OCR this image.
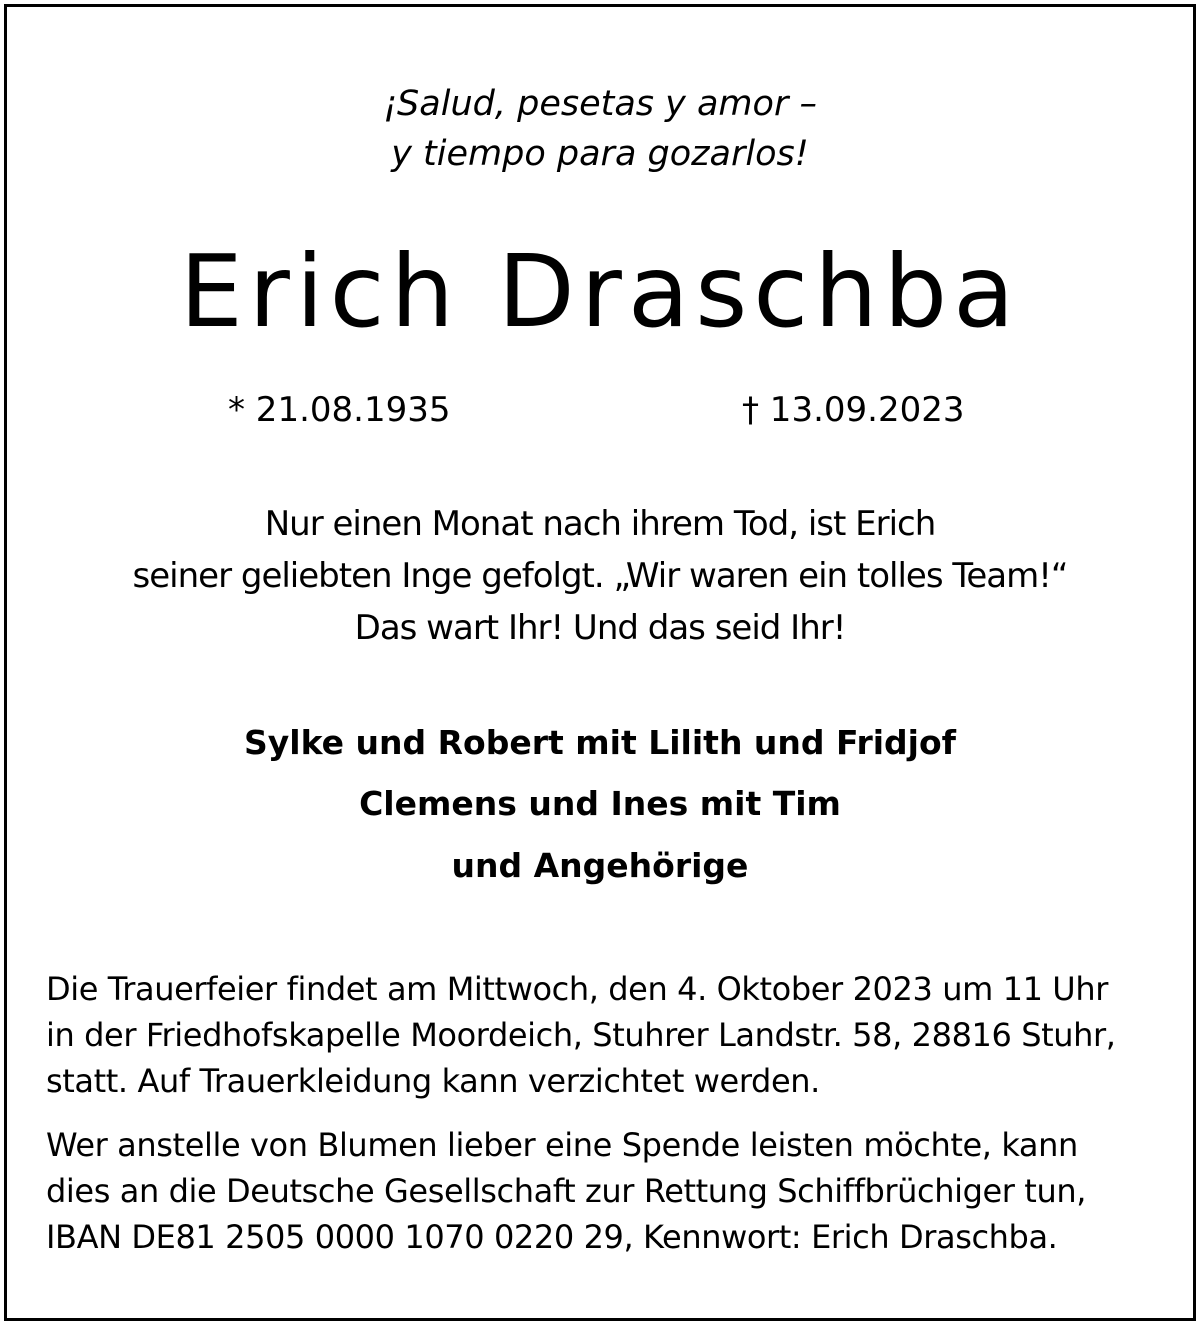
¡Salud, pesetas y amor –
y tiempo para gozarlos!
Erich Draschba
* 21.08.1935	† 13.09.2023
Nur einen Monat nach ihrem Tod, ist Erich
seiner geliebten Inge gefolgt. „Wir waren ein tolles Team!“
Das wart Ihr! Und das seid Ihr!
Sylke und Robert mit Lilith und Fridjof
Clemens und Ines mit Tim
und Angehörige
Die Trauerfeier findet am Mittwoch, den 4. Oktober 2023 um 11 Uhr
in der Friedhofskapelle Moordeich, Stuhrer Landstr. 58, 28816 Stuhr,
statt. Auf Trauerkleidung kann verzichtet werden.
Wer anstelle von Blumen lieber eine Spende leisten möchte, kann
dies an die Deutsche Gesellschaft zur Rettung Schiffbrüchiger tun,
IBAN DE81 2505 0000 1070 0220 29, Kennwort: Erich Draschba.
